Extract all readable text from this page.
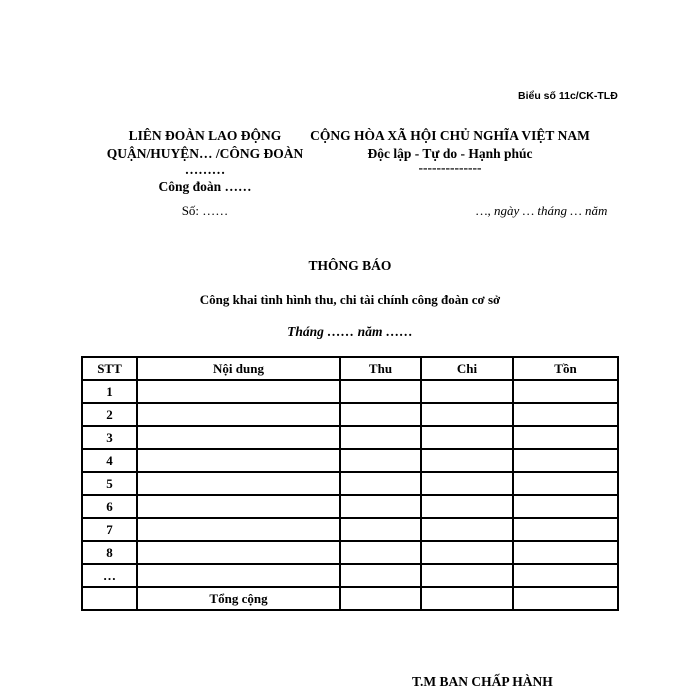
Biểu số 11c/CK-TLĐ
LIÊN ĐOÀN LAO ĐỘNG
QUẬN/HUYỆN… /CÔNG ĐOÀN
………
Công đoàn ……
Số: ……
CỘNG HÒA XÃ HỘI CHỦ NGHĨA VIỆT NAM
Độc lập - Tự do - Hạnh phúc
--------------
…, ngày … tháng … năm
THÔNG BÁO
Công khai tình hình thu, chi tài chính công đoàn cơ sở
Tháng …… năm ……
STT	Nội dung	Thu	Chi	Tồn
1				
2				
3				
4				
5				
6				
7				
8				
…				
	Tổng cộng			
T.M BAN CHẤP HÀNH
